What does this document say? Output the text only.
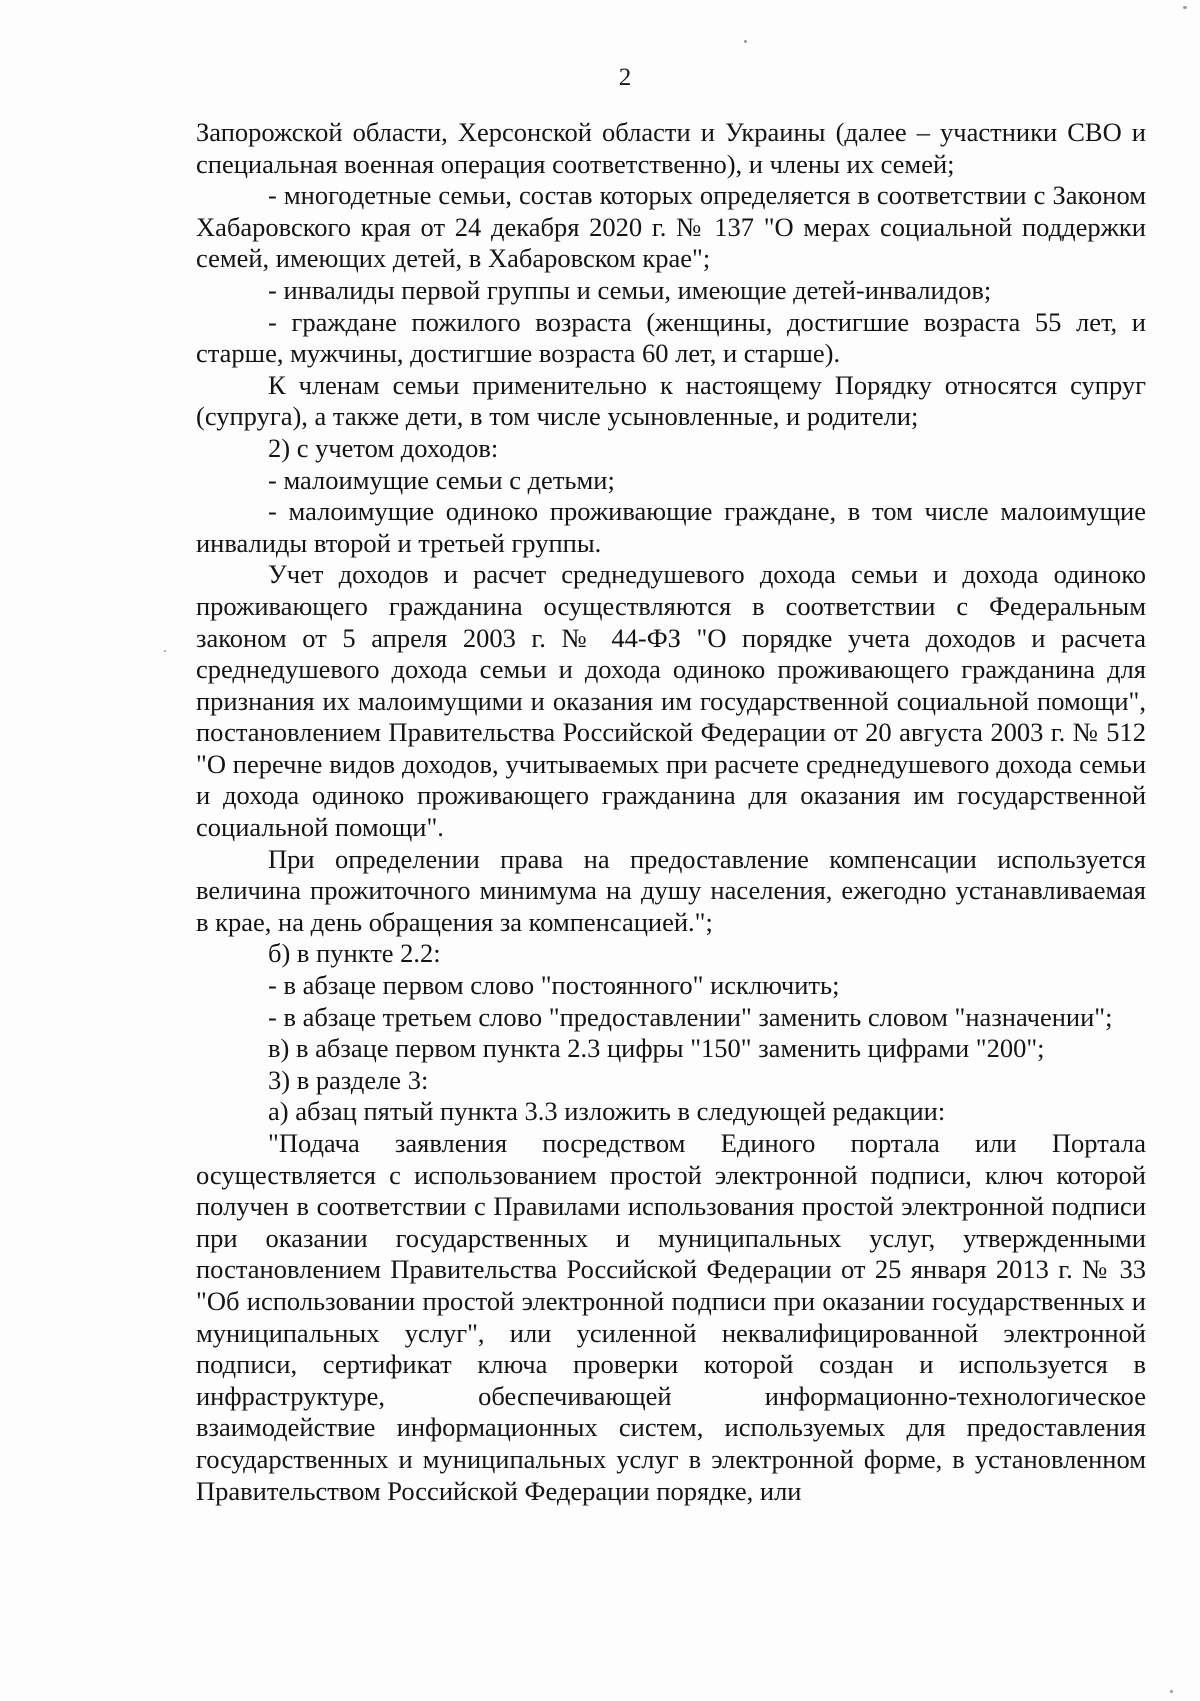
2

Запорожской области, Херсонской области и Украины (далее – участники СВО и специальная военная операция соответственно), и члены их семей;

- многодетные семьи, состав которых определяется в соответствии с Законом Хабаровского края от 24 декабря 2020 г. № 137 "О мерах социальной поддержки семей, имеющих детей, в Хабаровском крае";

- инвалиды первой группы и семьи, имеющие детей-инвалидов;

- граждане пожилого возраста (женщины, достигшие возраста 55 лет, и старше, мужчины, достигшие возраста 60 лет, и старше).

К членам семьи применительно к настоящему Порядку относятся супруг (супруга), а также дети, в том числе усыновленные, и родители;

2) с учетом доходов:

- малоимущие семьи с детьми;

- малоимущие одиноко проживающие граждане, в том числе малоимущие инвалиды второй и третьей группы.

Учет доходов и расчет среднедушевого дохода семьи и дохода одиноко проживающего гражданина осуществляются в соответствии с Федеральным законом от 5 апреля 2003 г. № 44-ФЗ "О порядке учета доходов и расчета среднедушевого дохода семьи и дохода одиноко проживающего гражданина для признания их малоимущими и оказания им государственной социальной помощи", постановлением Правительства Российской Федерации от 20 августа 2003 г. № 512 "О перечне видов доходов, учитываемых при расчете среднедушевого дохода семьи и дохода одиноко проживающего гражданина для оказания им государственной социальной помощи".

При определении права на предоставление компенсации используется величина прожиточного минимума на душу населения, ежегодно устанавливаемая в крае, на день обращения за компенсацией.";

б) в пункте 2.2:

- в абзаце первом слово "постоянного" исключить;

- в абзаце третьем слово "предоставлении" заменить словом "назначении";

в) в абзаце первом пункта 2.3 цифры "150" заменить цифрами "200";

3) в разделе 3:

а) абзац пятый пункта 3.3 изложить в следующей редакции:

"Подача заявления посредством Единого портала или Портала осуществляется с использованием простой электронной подписи, ключ которой получен в соответствии с Правилами использования простой электронной подписи при оказании государственных и муниципальных услуг, утвержденными постановлением Правительства Российской Федерации от 25 января 2013 г. № 33 "Об использовании простой электронной подписи при оказании государственных и муниципальных услуг", или усиленной неквалифицированной электронной подписи, сертификат ключа проверки которой создан и используется в инфраструктуре, обеспечивающей информационно-технологическое взаимодействие информационных систем, используемых для предоставления государственных и муниципальных услуг в электронной форме, в установленном Правительством Российской Федерации порядке, или
